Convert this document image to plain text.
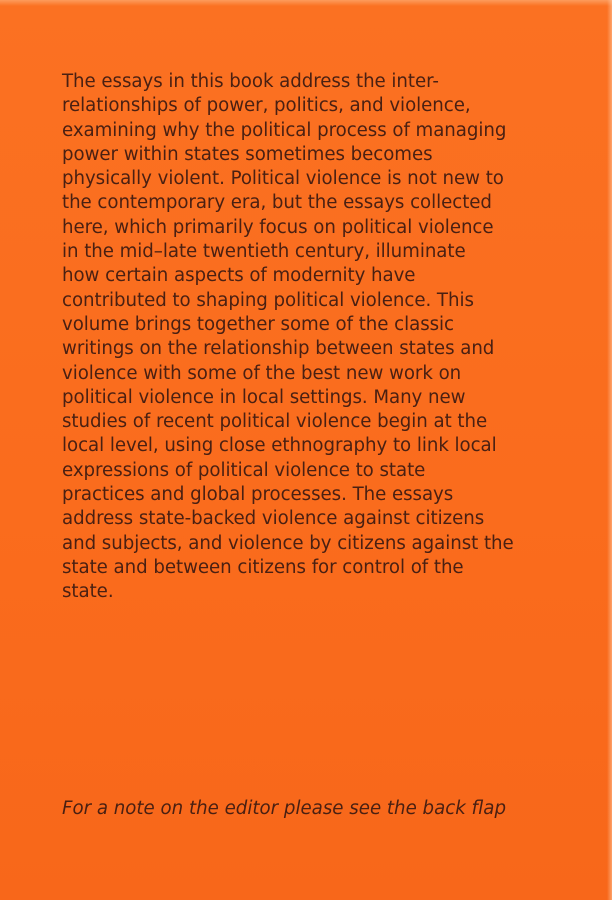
The essays in this book address the inter-
relationships of power, politics, and violence,
examining why the political process of managing
power within states sometimes becomes
physically violent. Political violence is not new to
the contemporary era, but the essays collected
here, which primarily focus on political violence
in the mid–late twentieth century, illuminate
how certain aspects of modernity have
contributed to shaping political violence. This
volume brings together some of the classic
writings on the relationship between states and
violence with some of the best new work on
political violence in local settings. Many new
studies of recent political violence begin at the
local level, using close ethnography to link local
expressions of political violence to state
practices and global processes. The essays
address state-backed violence against citizens
and subjects, and violence by citizens against the
state and between citizens for control of the
state.

For a note on the editor please see the back flap
